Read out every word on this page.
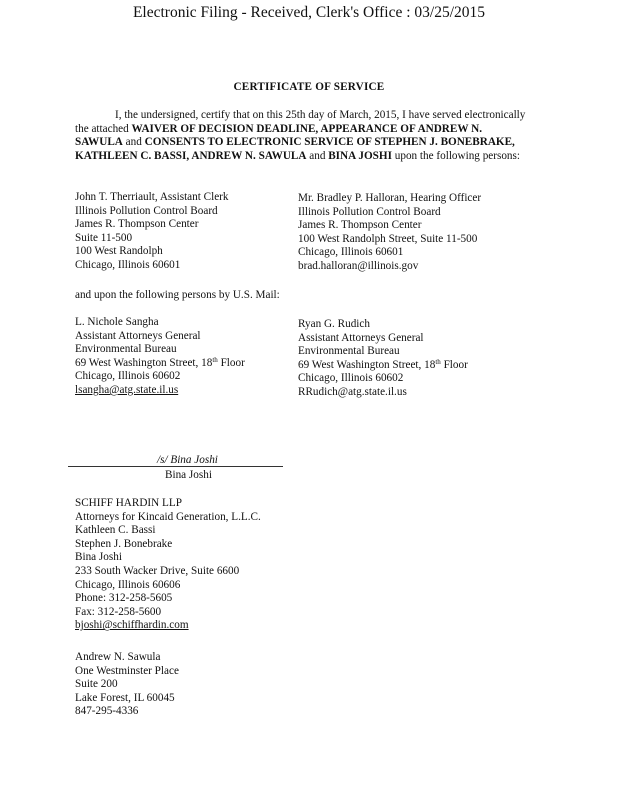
Electronic Filing - Received, Clerk's Office : 03/25/2015
CERTIFICATE OF SERVICE

I, the undersigned, certify that on this 25th day of March, 2015, I have served electronically the attached WAIVER OF DECISION DEADLINE, APPEARANCE OF ANDREW N. SAWULA and CONSENTS TO ELECTRONIC SERVICE OF STEPHEN J. BONEBRAKE, KATHLEEN C. BASSI, ANDREW N. SAWULA and BINA JOSHI upon the following persons:

John T. Therriault, Assistant Clerk
Illinois Pollution Control Board
James R. Thompson Center
Suite 11-500
100 West Randolph
Chicago, Illinois 60601
Mr. Bradley P. Halloran, Hearing Officer
Illinois Pollution Control Board
James R. Thompson Center
100 West Randolph Street, Suite 11-500
Chicago, Illinois 60601
brad.halloran@illinois.gov
and upon the following persons by U.S. Mail:
L. Nichole Sangha
Assistant Attorneys General
Environmental Bureau
69 West Washington Street, 18th Floor
Chicago, Illinois 60602
lsangha@atg.state.il.us
Ryan G. Rudich
Assistant Attorneys General
Environmental Bureau
69 West Washington Street, 18th Floor
Chicago, Illinois 60602
RRudich@atg.state.il.us
/s/ Bina Joshi
Bina Joshi
SCHIFF HARDIN LLP
Attorneys for Kincaid Generation, L.L.C.
Kathleen C. Bassi
Stephen J. Bonebrake
Bina Joshi
233 South Wacker Drive, Suite 6600
Chicago, Illinois 60606
Phone: 312-258-5605
Fax: 312-258-5600
bjoshi@schiffhardin.com
Andrew N. Sawula
One Westminster Place
Suite 200
Lake Forest, IL 60045
847-295-4336
